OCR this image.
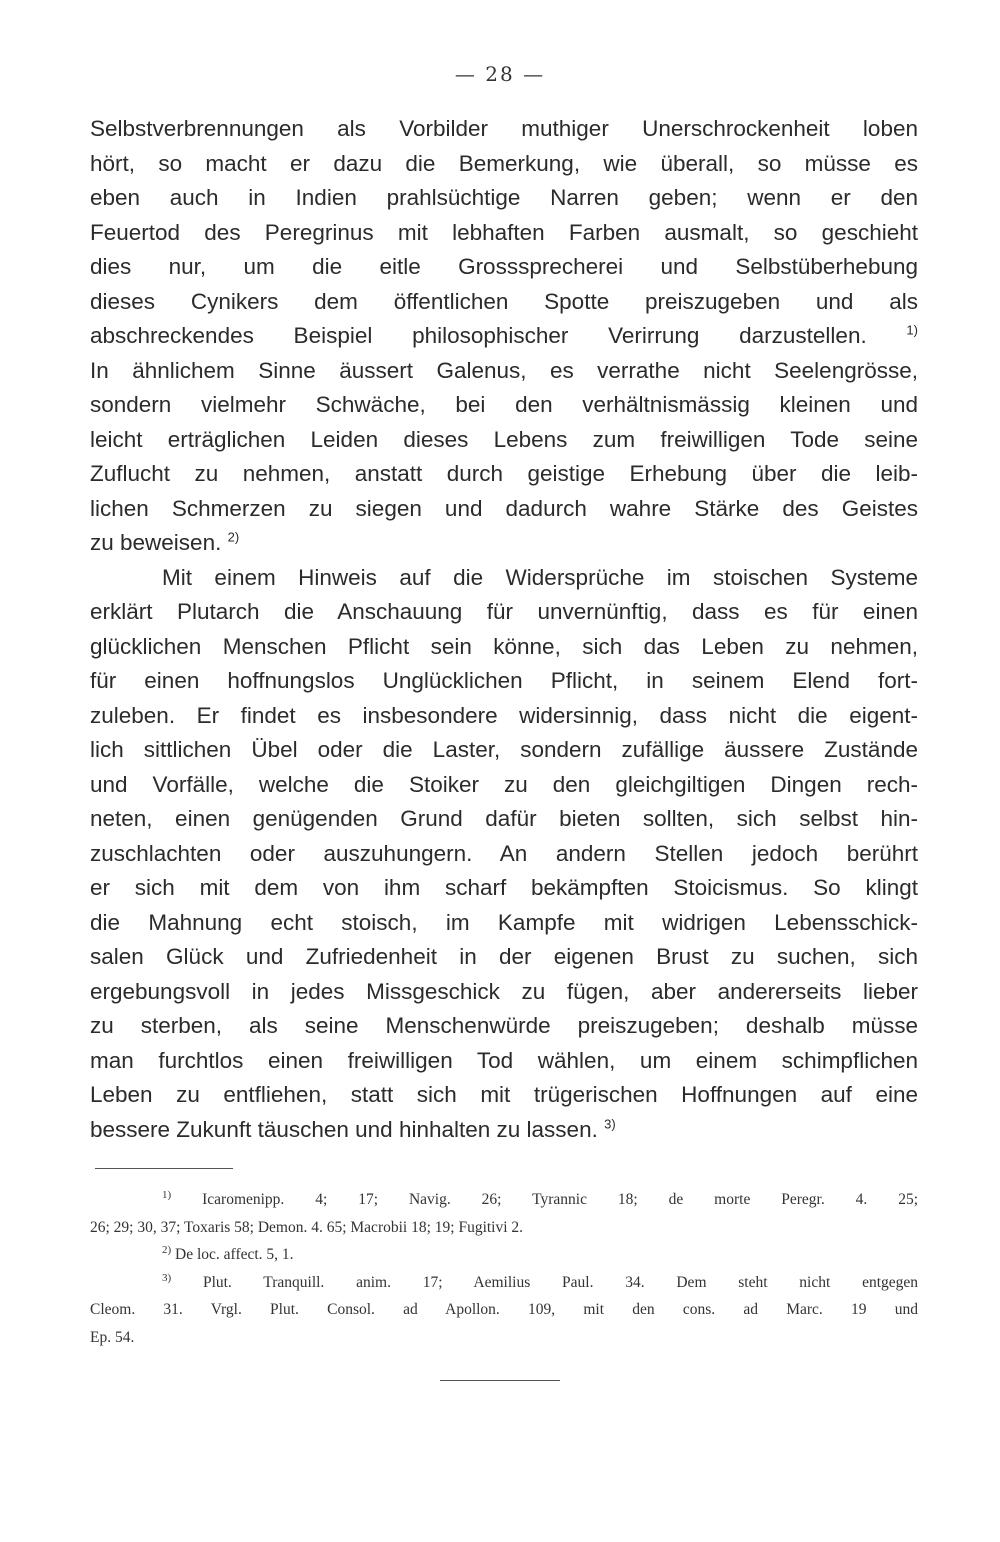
— 28 —
Selbstverbrennungen als Vorbilder muthiger Unerschrockenheit loben
hört, so macht er dazu die Bemerkung, wie überall, so müsse es
eben auch in Indien prahlsüchtige Narren geben; wenn er den
Feuertod des Peregrinus mit lebhaften Farben ausmalt, so geschieht
dies nur, um die eitle Grosssprecherei und Selbstüberhebung
dieses Cynikers dem öffentlichen Spotte preiszugeben und als
abschreckendes Beispiel philosophischer Verirrung darzustellen.	$^{1)}$
In ähnlichem Sinne äussert Galenus, es verrathe nicht Seelengrösse,
sondern vielmehr Schwäche, bei den verhältnismässig kleinen und
leicht erträglichen Leiden dieses Lebens zum freiwilligen Tode seine
Zuflucht zu nehmen, anstatt durch geistige Erhebung über die leib-
lichen Schmerzen zu siegen und dadurch wahre Stärke des Geistes
zu beweisen. $^{2)}$
Mit einem Hinweis auf die Widersprüche im stoischen Systeme
erklärt Plutarch die Anschauung für unvernünftig, dass es für einen
glücklichen Menschen Pflicht sein könne, sich das Leben zu nehmen,
für einen hoffnungslos Unglücklichen Pflicht, in seinem Elend fort-
zuleben. Er findet es insbesondere widersinnig, dass nicht die eigent-
lich sittlichen Übel oder die Laster, sondern zufällige äussere Zustände
und Vorfälle, welche die Stoiker zu den gleichgiltigen Dingen rech-
neten, einen genügenden Grund dafür bieten sollten, sich selbst hin-
zuschlachten oder auszuhungern. An andern Stellen jedoch berührt
er sich mit dem von ihm scharf bekämpften Stoicismus. So klingt
die Mahnung echt stoisch, im Kampfe mit widrigen Lebensschick-
salen Glück und Zufriedenheit in der eigenen Brust zu suchen, sich
ergebungsvoll in jedes Missgeschick zu fügen, aber andererseits lieber
zu sterben, als seine Menschenwürde preiszugeben; deshalb müsse
man furchtlos einen freiwilligen Tod wählen, um einem schimpflichen
Leben zu entfliehen, statt sich mit trügerischen Hoffnungen auf eine
bessere Zukunft täuschen und hinhalten zu lassen. $^{3)}$
$^{1)}$ Icaromenipp. 4; 17; Navig. 26; Tyrannic 18; de morte Peregr. 4. 25;
26; 29; 30, 37; Toxaris 58; Demon. 4. 65; Macrobii 18; 19; Fugitivi 2.
$^{2)}$ De loc. affect. 5, 1.
$^{3)}$ Plut. Tranquill. anim. 17; Aemilius Paul. 34. Dem steht nicht entgegen
Cleom. 31. Vrgl. Plut. Consol. ad Apollon. 109, mit den cons. ad Marc. 19 und
Ep. 54.
